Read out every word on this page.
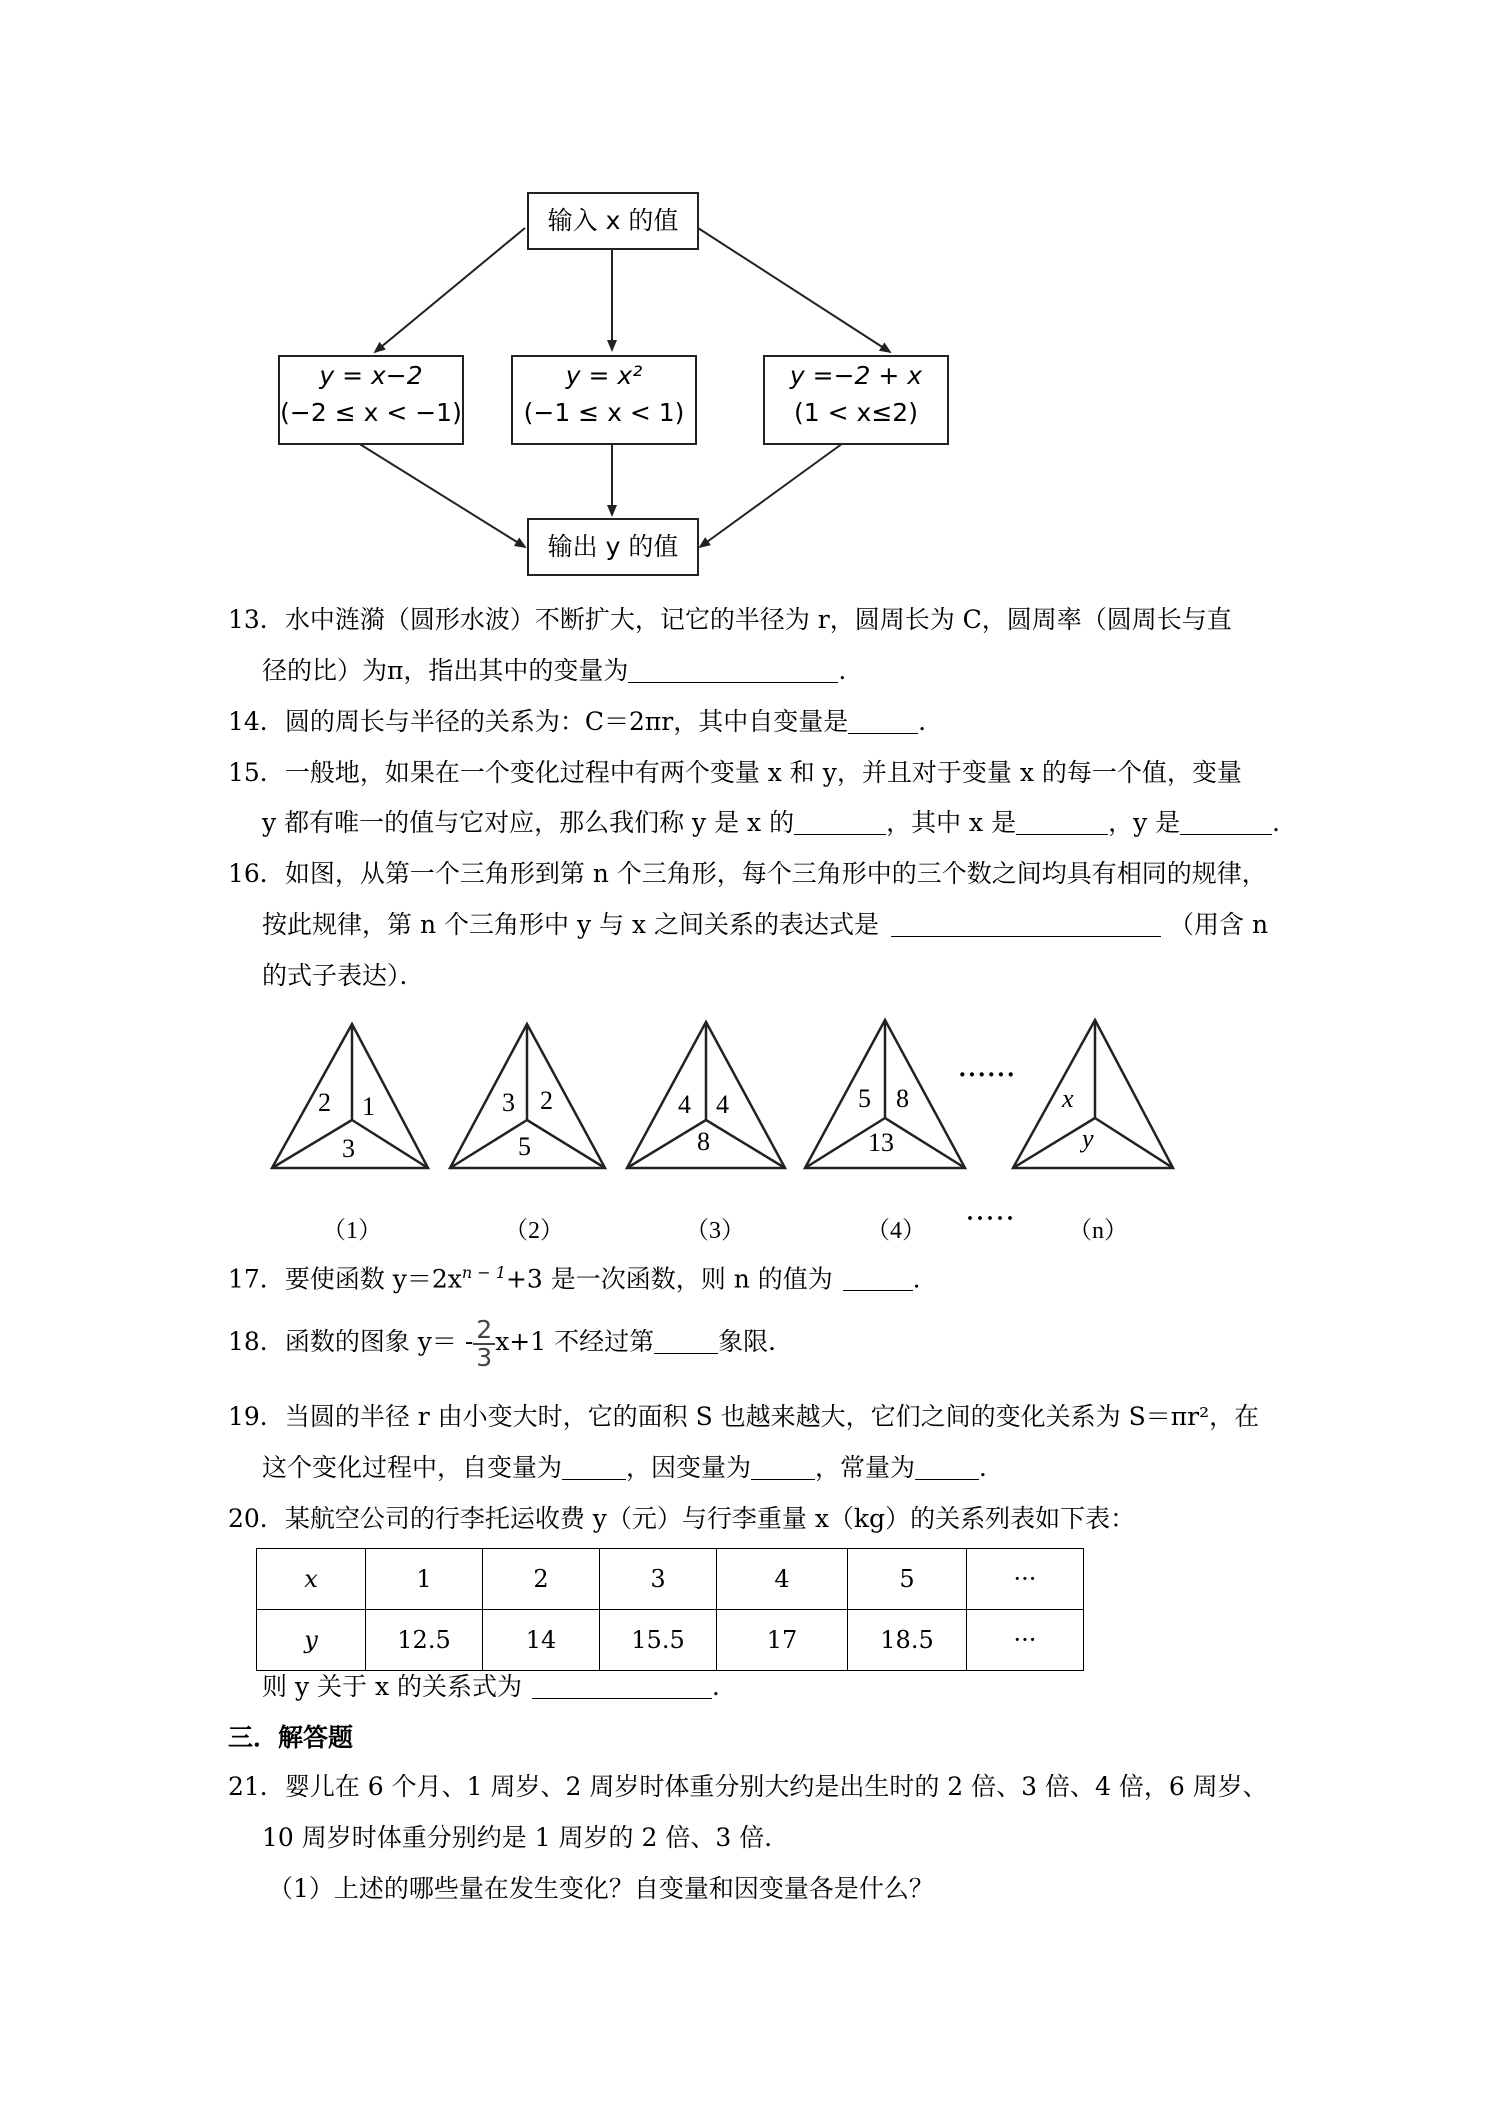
输入 x 的值
y = x−2
(−2 ≤ x < −1)
y = x²
(−1 ≤ x < 1)
y =−2 + x
(1 < x≤2)
输出 y 的值
13．水中涟漪（圆形水波）不断扩大，记它的半径为 r，圆周长为 C，圆周率（圆周长与直
径的比）为π，指出其中的变量为	．
14．圆的周长与半径的关系为：C＝2πr，其中自变量是	．
15．一般地，如果在一个变化过程中有两个变量 x 和 y，并且对于变量 x 的每一个值，变量
y 都有唯一的值与它对应，那么我们称 y 是 x 的	，其中 x 是	，y 是	．
16．如图，从第一个三角形到第 n 个三角形，每个三角形中的三个数之间均具有相同的规律，
按此规律，第 n 个三角形中 y 与 x 之间关系的表达式是	（用含 n
的式子表达）．
2 1
3
3 2
5
4 4
8
5 8
13
x
y
······
（1）	（2）	（3）	（4） ····· （n）
17．要使函数 $y=2x^{n - 1}+3$ 是一次函数，则 n 的值为	．
18．函数的图象 $y= - \frac{2}{3} x+1$ 不经过第	象限．
19．当圆的半径 r 由小变大时，它的面积 S 也越来越大，它们之间的变化关系为 S＝πr²，在
这个变化过程中，自变量为	，因变量为	，常量为	．
20．某航空公司的行李托运收费 y（元）与行李重量 x（kg）的关系列表如下表：
x	1	2	3	4	5	···
y	12.5	14	15.5	17	18.5	···
则 y 关于 x 的关系式为	．
三．解答题
21．婴儿在 6 个月、1 周岁、2 周岁时体重分别大约是出生时的 2 倍、3 倍、4 倍，6 周岁、
10 周岁时体重分别约是 1 周岁的 2 倍、3 倍．
（1）上述的哪些量在发生变化？自变量和因变量各是什么？
